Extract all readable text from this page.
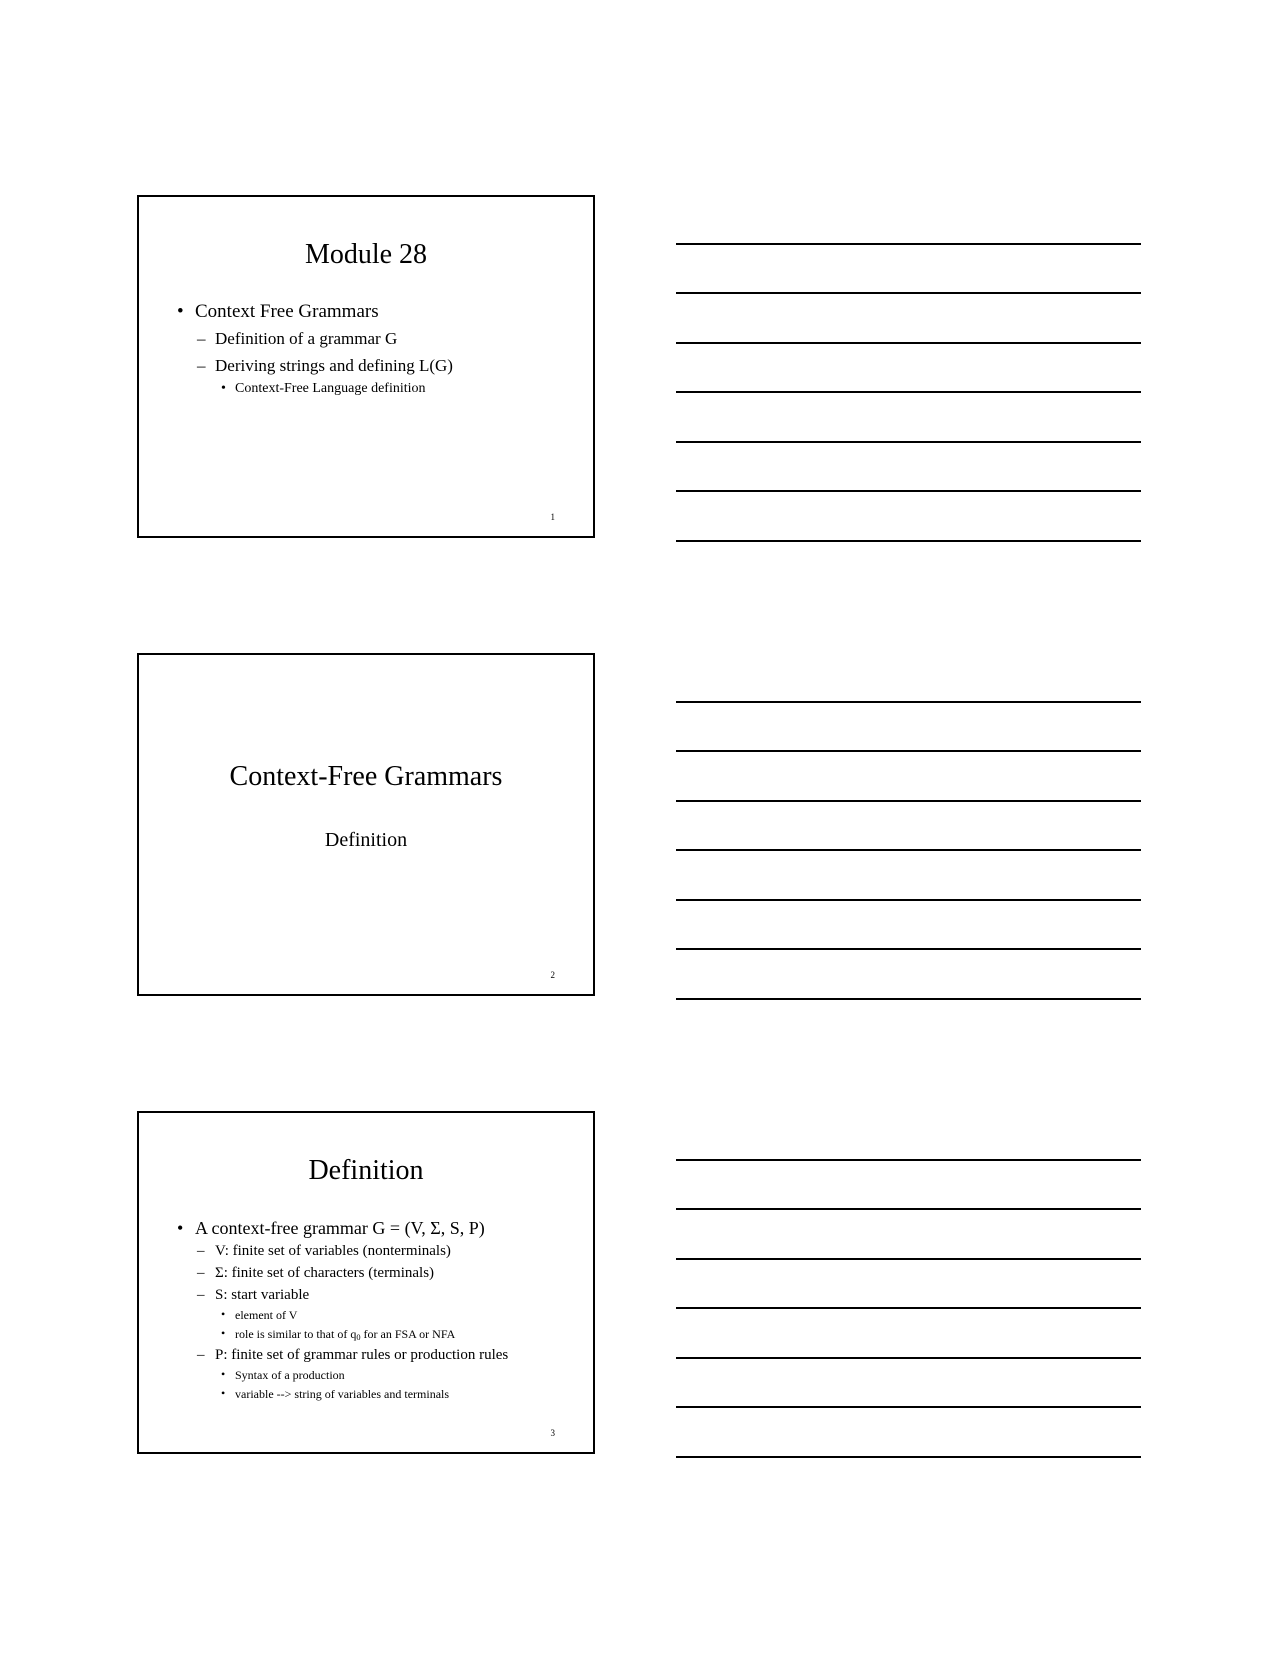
Module 28
• Context Free Grammars
– Definition of a grammar G
– Deriving strings and defining L(G)
• Context-Free Language definition
1
Context-Free Grammars
Definition
2
Definition
• A context-free grammar G = (V, Σ, S, P)
– V: finite set of variables (nonterminals)
– Σ: finite set of characters (terminals)
– S: start variable
• element of V
• role is similar to that of $q_0$ for an FSA or NFA
– P: finite set of grammar rules or production rules
• Syntax of a production
• variable --> string of variables and terminals
3
